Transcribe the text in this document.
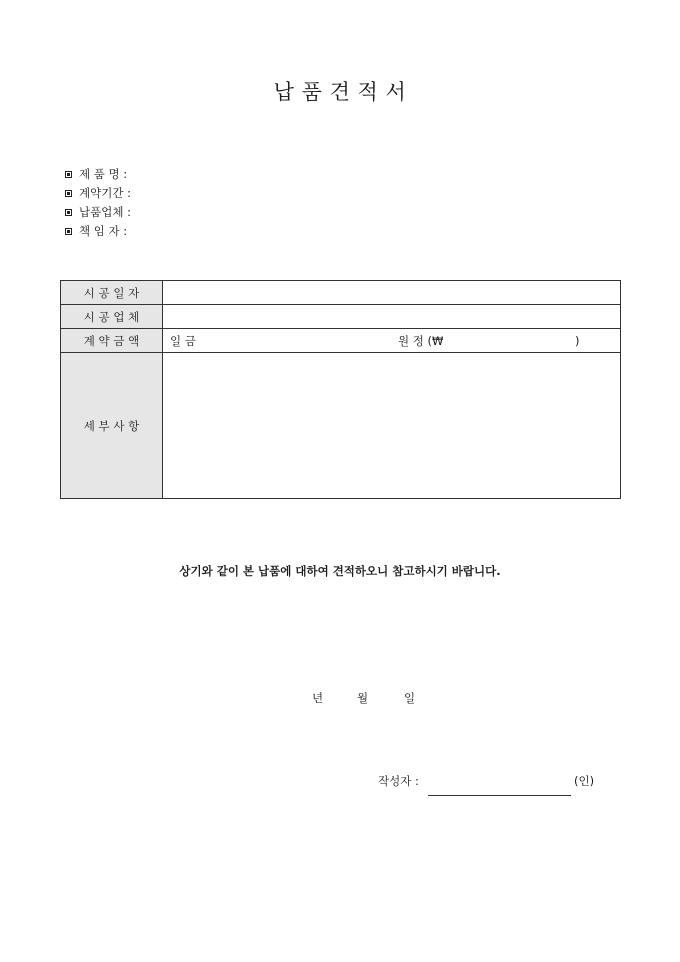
납 품 견 적 서
제 품 명 :
계약기간 :
납품업체 :
책 임 자 :
시 공 일 자	
시 공 업 체	
계 약 금 액	일 금 원 정 (₩ )

세 부 사 항	
상기와 같이 본 납품에 대하여 견적하오니 참고하시기 바랍니다.
년	월	일
작성자 :	(인)
